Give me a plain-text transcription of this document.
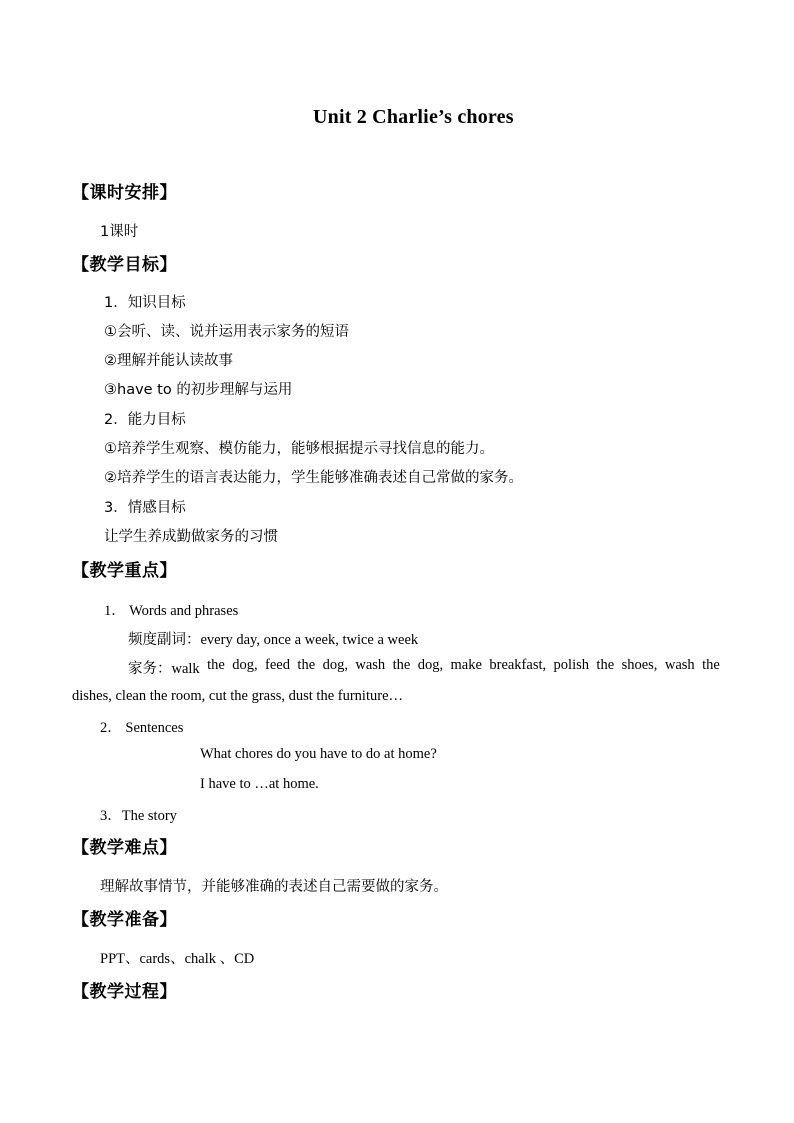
Unit 2 Charlie’s chores
【课时安排】
1课时
【教学目标】
1．知识目标
①会听、读、说并运用表示家务的短语
②理解并能认读故事
③have to 的初步理解与运用
2．能力目标
①培养学生观察、模仿能力，能够根据提示寻找信息的能力。
②培养学生的语言表达能力，学生能够准确表述自己常做的家务。
3．情感目标
让学生养成勤做家务的习惯
【教学重点】
1． Words and phrases
频度副词：every day, once a week, twice a week
家务：walk the dog, feed the dog, wash the dog, make breakfast, polish the shoes, wash the
dishes, clean the room, cut the grass, dust the furniture…
2． Sentences
What chores do you have to do at home?
I have to …at home.
3．The story
【教学难点】
理解故事情节，并能够准确的表述自己需要做的家务。
【教学准备】
PPT、cards、chalk 、CD
【教学过程】
